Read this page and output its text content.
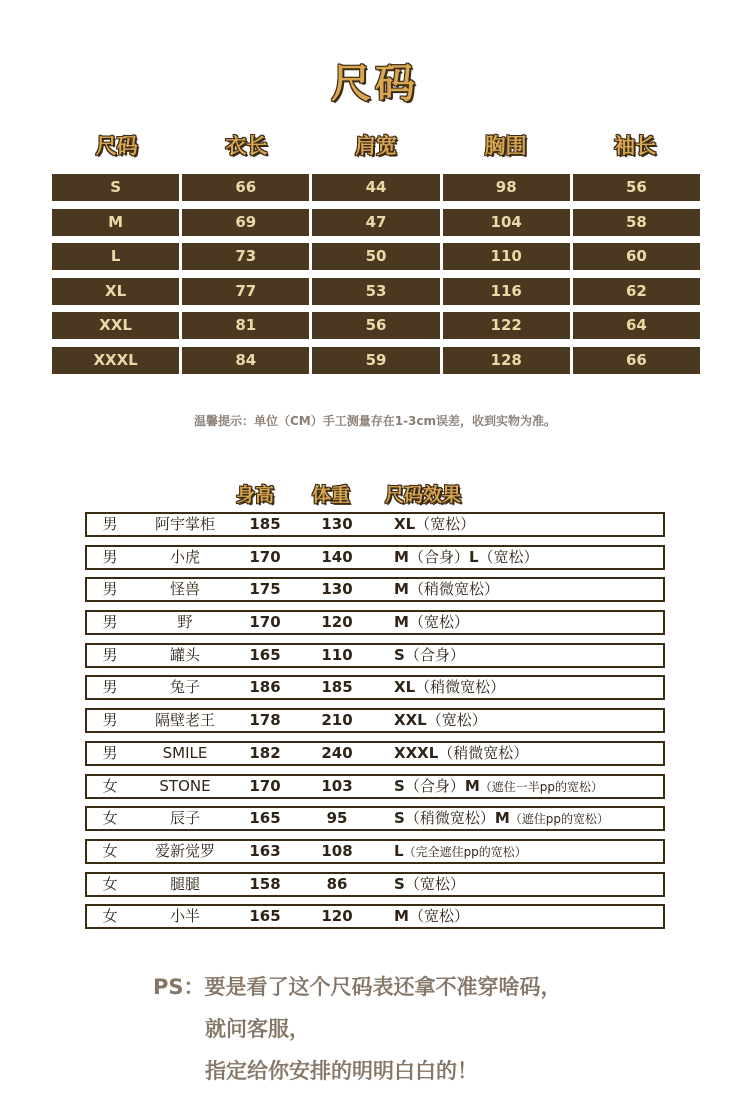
尺码
尺码	衣长	肩宽	胸围	袖长
S	66	44	98	56
M	69	47	104	58
L	73	50	110	60
XL	77	53	116	62
XXL	81	56	122	64
XXXL	84	59	128	66
温馨提示：单位（CM）手工测量存在1-3cm误差，收到实物为准。
身高 体重 尺码效果
男	阿宇掌柜	185	130	XL（宽松）
男	小虎	170	140	M（合身）L（宽松）
男	怪兽	175	130	M（稍微宽松）
男	野	170	120	M（宽松）
男	罐头	165	110	S（合身）
男	兔子	186	185	XL（稍微宽松）
男	隔壁老王	178	210	XXL（宽松）
男	SMILE	182	240	XXXL（稍微宽松）
女	STONE	170	103	S（合身）M（遮住一半pp的宽松）
女	辰子	165	95	S（稍微宽松）M（遮住pp的宽松）
女	爱新觉罗	163	108	L（完全遮住pp的宽松）
女	腿腿	158	86	S（宽松）
女	小半	165	120	M（宽松）
PS：要是看了这个尺码表还拿不准穿啥码，
就问客服，
指定给你安排的明明白白的！
